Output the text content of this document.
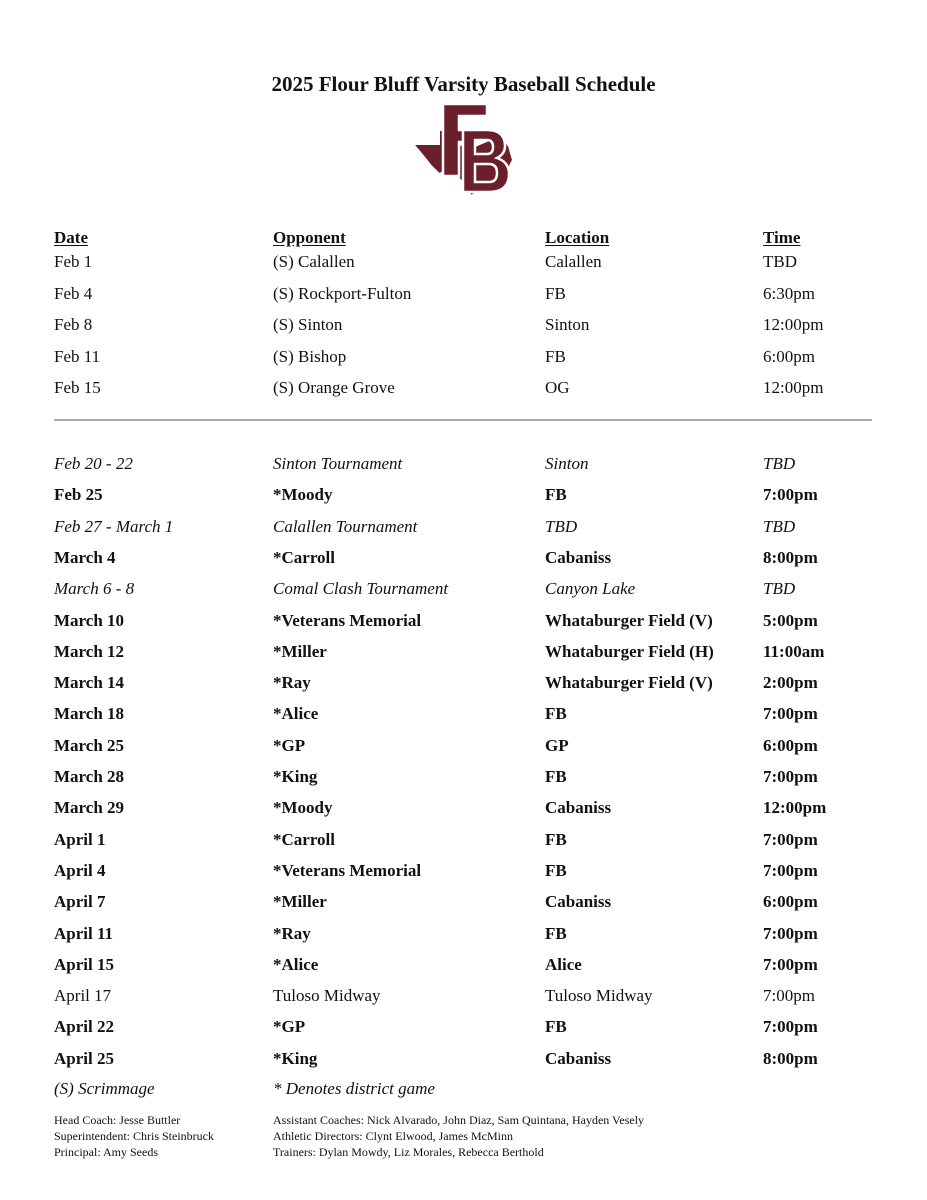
2025 Flour Bluff Varsity Baseball Schedule
Date	Opponent	Location	Time
Feb 1	(S) Calallen	Calallen	TBD
Feb 4	(S) Rockport-Fulton	FB	6:30pm
Feb 8	(S) Sinton	Sinton	12:00pm
Feb 11	(S) Bishop	FB	6:00pm
Feb 15	(S) Orange Grove	OG	12:00pm
Feb 20 - 22	Sinton Tournament	Sinton	TBD
Feb 25	*Moody	FB	7:00pm
Feb 27 - March 1	Calallen Tournament	TBD	TBD
March 4	*Carroll	Cabaniss	8:00pm
March 6 - 8	Comal Clash Tournament	Canyon Lake	TBD
March 10	*Veterans Memorial	Whataburger Field (V)	5:00pm
March 12	*Miller	Whataburger Field (H)	11:00am
March 14	*Ray	Whataburger Field (V)	2:00pm
March 18	*Alice	FB	7:00pm
March 25	*GP	GP	6:00pm
March 28	*King	FB	7:00pm
March 29	*Moody	Cabaniss	12:00pm
April 1	*Carroll	FB	7:00pm
April 4	*Veterans Memorial	FB	7:00pm
April 7	*Miller	Cabaniss	6:00pm
April 11	*Ray	FB	7:00pm
April 15	*Alice	Alice	7:00pm
April 17	Tuloso Midway	Tuloso Midway	7:00pm
April 22	*GP	FB	7:00pm
April 25	*King	Cabaniss	8:00pm
(S) Scrimmage	* Denotes district game
Head Coach: Jesse Buttler
Superintendent: Chris Steinbruck
Principal: Amy Seeds
Assistant Coaches: Nick Alvarado, John Diaz, Sam Quintana, Hayden Vesely
Athletic Directors: Clynt Elwood, James McMinn
Trainers: Dylan Mowdy, Liz Morales, Rebecca Berthold
